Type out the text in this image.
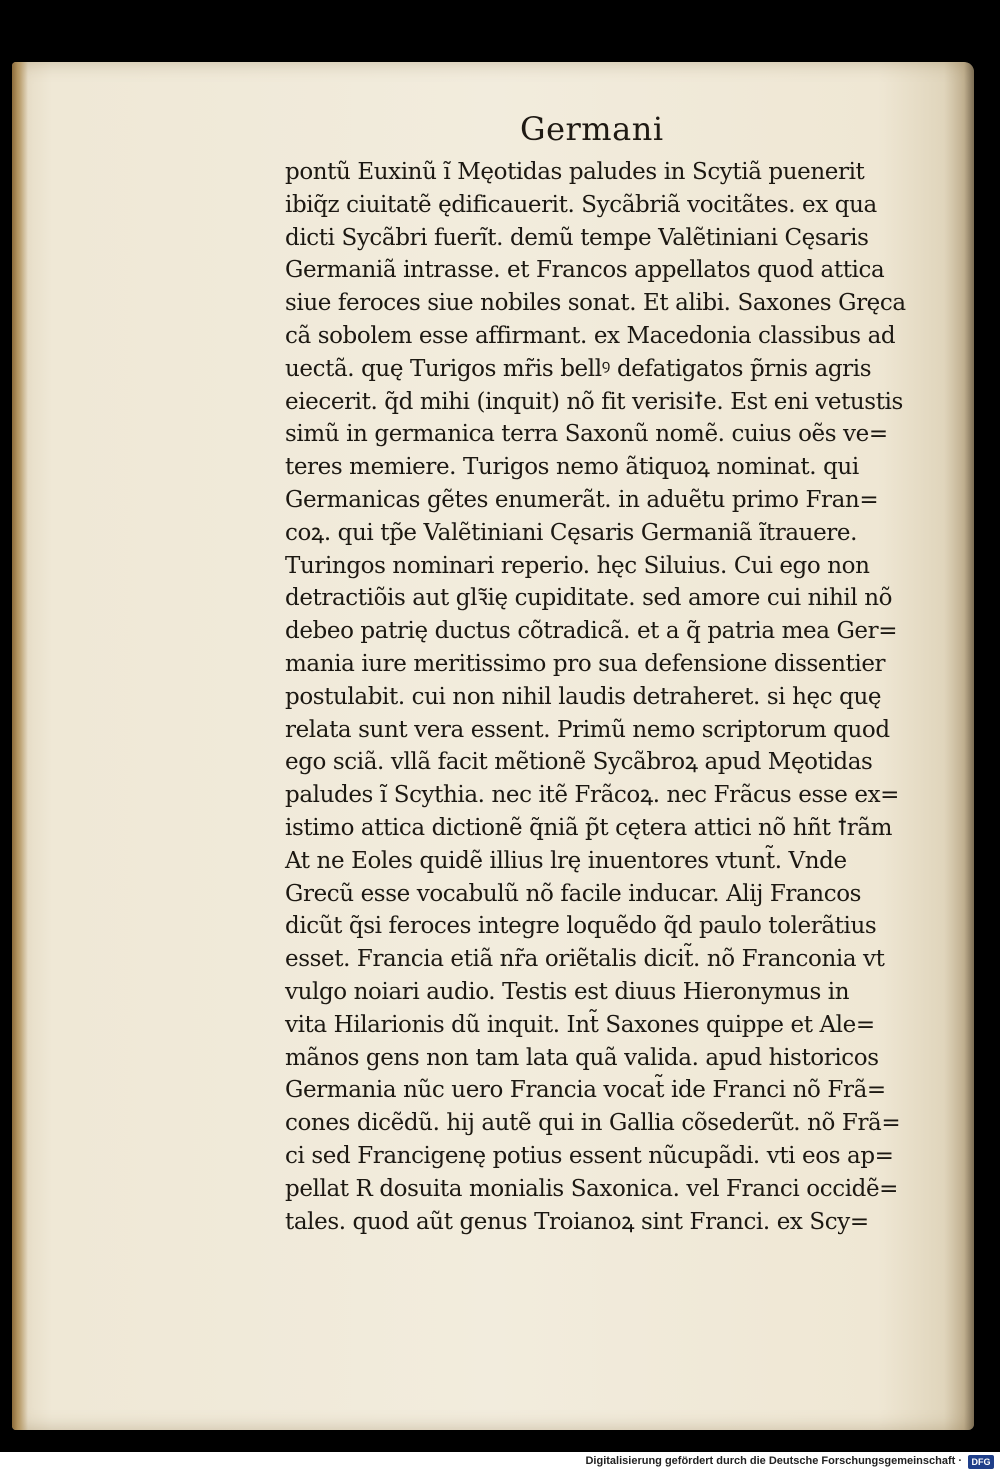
Germani
pontũ Euxinũ ĩ Męotidas paludes in Scytiã puenerit
ibiq̃z ciuitatẽ ędificauerit. Sycãbriã vocitãtes. ex qua
dicti Sycãbri fuerĩt. demũ tempe Valẽtiniani Cęsaris
Germaniã intrasse. et Francos appellatos quod attica
siue feroces siue nobiles sonat. Et alibi. Saxones Gręca
cã sobolem esse affirmant. ex Macedonia classibus ad
uectã. quę Turigos mr̃is bellꝰ defatigatos p̃rnis agris
eiecerit. q̃d mihi (inquit) nõ fit verisiꝉe. Est eni vetustis
simũ in germanica terra Saxonũ nomẽ. cuius oẽs ve=
teres memiere. Turigos nemo ãtiquoꝝ nominat. qui
Germanicas gẽtes enumerãt. in aduẽtu primo Fran=
coꝝ. qui tp̃e Valẽtiniani Cęsaris Germaniã ĩtrauere.
Turingos nominari reperio. hęc Siluius. Cui ego non
detractiõis aut glꝛ̃ię cupiditate. sed amore cui nihil nõ
debeo patrię ductus cõtradicã. et a q̃ patria mea Ger=
mania iure meritissimo pro sua defensione dissentier
postulabit. cui non nihil laudis detraheret. si hęc quę
relata sunt vera essent. Primũ nemo scriptorum quod
ego sciã. vllã facit mẽtionẽ Sycãbroꝝ apud Męotidas
paludes ĩ Scythia. nec itẽ Frãcoꝝ. nec Frãcus esse ex=
istimo attica dictionẽ q̃niã p̃t cętera attici nõ hñt ꝉrãm
At ne Eoles quidẽ illius lrę inuentores vtunt̃. Vnde
Grecũ esse vocabulũ nõ facile inducar. Alij Francos
dicũt q̃si feroces integre loquẽdo q̃d paulo tolerãtius
esset. Francia etiã nr̃a oriẽtalis dicit̃. nõ Franconia vt
vulgo noiari audio. Testis est diuus Hieronymus in
vita Hilarionis dũ inquit. Int̃ Saxones quippe et Ale=
mãnos gens non tam lata quã valida. apud historicos
Germania nũc uero Francia vocat̃ ide Franci nõ Frã=
cones dicẽdũ. hij autẽ qui in Gallia cõsederũt. nõ Frã=
ci sed Francigenę potius essent nũcupãdi. vti eos ap=
pellat R dosuita monialis Saxonica. vel Franci occidẽ=
tales. quod aũt genus Troianoꝝ sint Franci. ex Scy=
Digitalisierung gefördert durch die Deutsche Forschungsgemeinschaft ·	DFG
